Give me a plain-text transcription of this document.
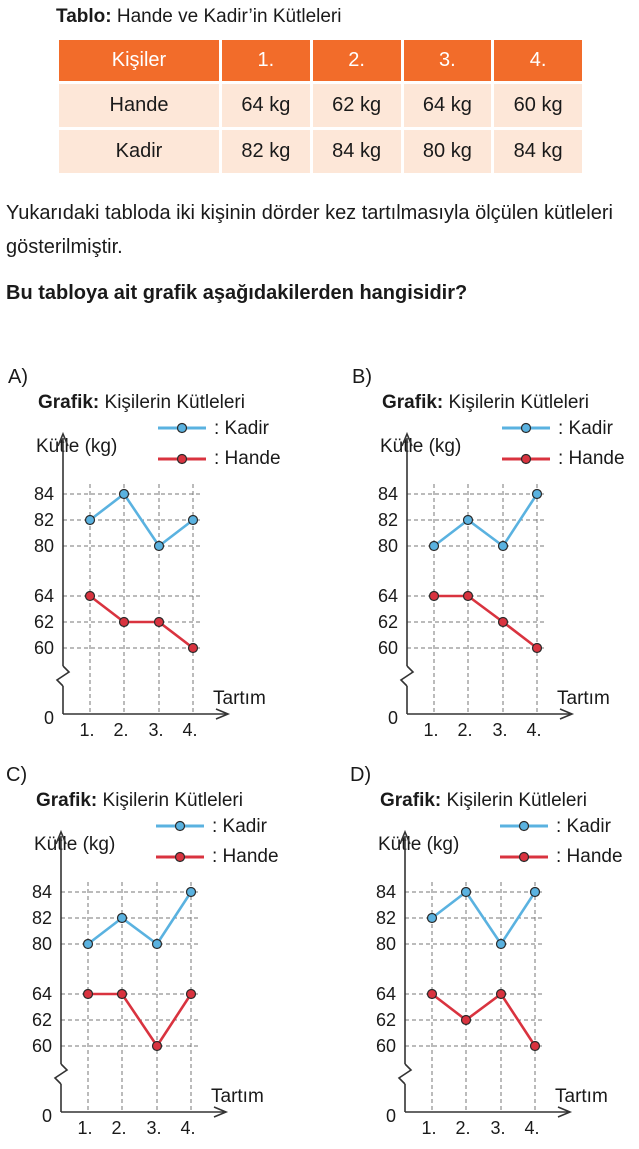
Tablo: Hande ve Kadir’in Kütleleri
Kişiler	1.	2.	3.	4.
Hande	64 kg	62 kg	64 kg	60 kg
Kadir	82 kg	84 kg	80 kg	84 kg
Yukarıdaki tabloda iki kişinin dörder kez tartılmasıyla ölçülen kütleleri gösterilmiştir.
Bu tabloya ait grafik aşağıdakilerden hangisidir?
A)
Grafik: Kişilerin Kütleleri
Kütle (kg)
: Kadir
: Hande
84
82
80
64
62
60
0
1. 2. 3. 4.
Tartım
B)
Grafik: Kişilerin Kütleleri
Kütle (kg)
: Kadir
: Hande
84
82
80
64
62
60
0
1. 2. 3. 4.
Tartım
C)
Grafik: Kişilerin Kütleleri
Kütle (kg)
: Kadir
: Hande
84
82
80
64
62
60
0
1. 2. 3. 4.
Tartım
D)
Grafik: Kişilerin Kütleleri
Kütle (kg)
: Kadir
: Hande
84
82
80
64
62
60
0
1. 2. 3. 4.
Tartım
